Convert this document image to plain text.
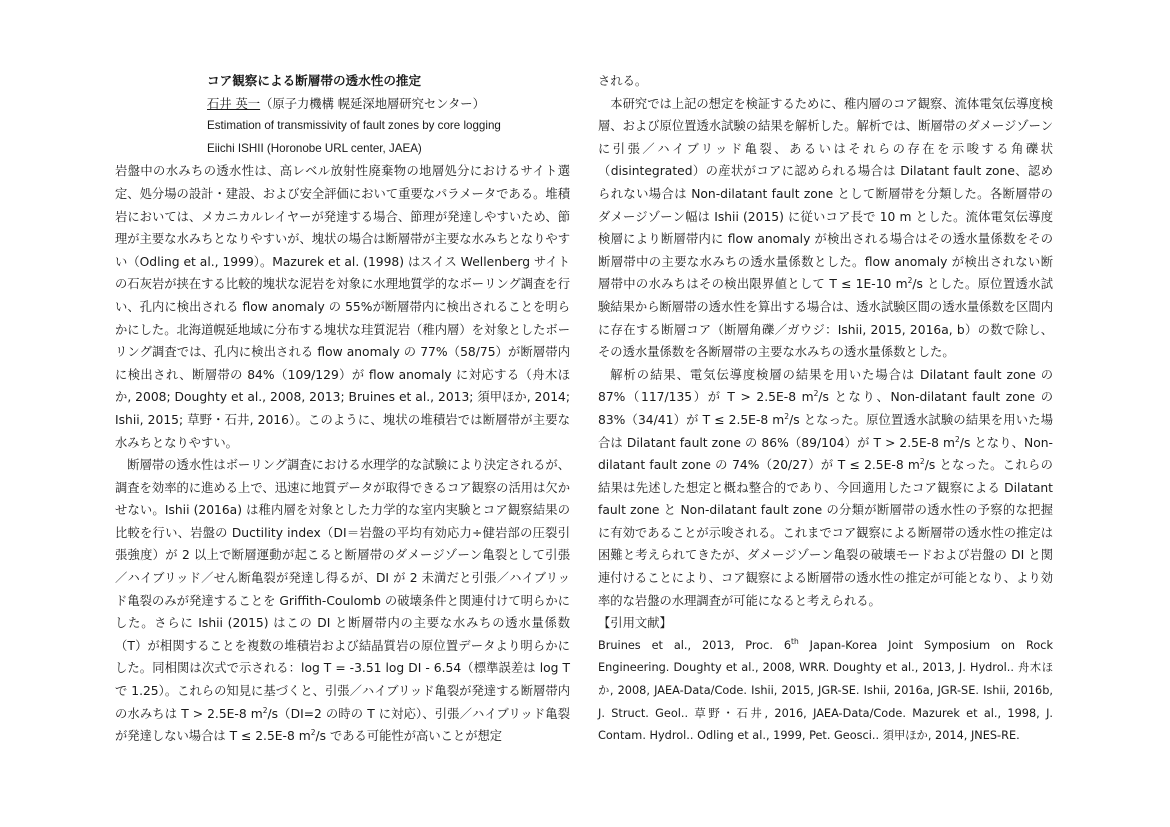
コア観察による断層帯の透水性の推定
石井 英一（原子力機構 幌延深地層研究センター）
Estimation of transmissivity of fault zones by core logging
Eiichi ISHII (Horonobe URL center, JAEA)

岩盤中の水みちの透水性は、高レベル放射性廃棄物の地層処分におけるサイト選定、処分場の設計・建設、および安全評価において重要なパラメータである。堆積岩においては、メカニカルレイヤーが発達する場合、節理が発達しやすいため、節理が主要な水みちとなりやすいが、塊状の場合は断層帯が主要な水みちとなりやすい（Odling et al., 1999）。Mazurek et al. (1998) はスイス Wellenberg サイトの石灰岩が挟在する比較的塊状な泥岩を対象に水理地質学的なボーリング調査を行い、孔内に検出される flow anomaly の 55%が断層帯内に検出されることを明らかにした。北海道幌延地域に分布する塊状な珪質泥岩（稚内層）を対象としたボーリング調査では、孔内に検出される flow anomaly の 77%（58/75）が断層帯内に検出され、断層帯の 84%（109/129）が flow anomaly に対応する（舟木ほか, 2008; Doughty et al., 2008, 2013; Bruines et al., 2013; 須甲ほか, 2014; Ishii, 2015; 草野・石井, 2016）。このように、塊状の堆積岩では断層帯が主要な水みちとなりやすい。

断層帯の透水性はボーリング調査における水理学的な試験により決定されるが、調査を効率的に進める上で、迅速に地質データが取得できるコア観察の活用は欠かせない。Ishii (2016a) は稚内層を対象とした力学的な室内実験とコア観察結果の比較を行い、岩盤の Ductility index（DI＝岩盤の平均有効応力÷健岩部の圧裂引張強度）が 2 以上で断層運動が起こると断層帯のダメージゾーン亀裂として引張／ハイブリッド／せん断亀裂が発達し得るが、DI が 2 未満だと引張／ハイブリッド亀裂のみが発達することを Griffith-Coulomb の破壊条件と関連付けて明らかにした。さらに Ishii (2015) はこの DI と断層帯内の主要な水みちの透水量係数（T）が相関することを複数の堆積岩および結晶質岩の原位置データより明らかにした。同相関は次式で示される：log T = -3.51 log DI - 6.54（標準誤差は log T で 1.25）。これらの知見に基づくと、引張／ハイブリッド亀裂が発達する断層帯内の水みちは T > 2.5E-8 $m^2/s(DI=2$ の時の T に対応）、引張／ハイブリッド亀裂が発達しない場合は T ≤ 2.5E-8 $m^2/s$ である可能性が高いことが想定

される。

本研究では上記の想定を検証するために、稚内層のコア観察、流体電気伝導度検層、および原位置透水試験の結果を解析した。解析では、断層帯のダメージゾーンに引張／ハイブリッド亀裂、あるいはそれらの存在を示唆する角礫状（disintegrated）の産状がコアに認められる場合は Dilatant fault zone、認められない場合は Non-dilatant fault zone として断層帯を分類した。各断層帯のダメージゾーン幅は Ishii (2015) に従いコア長で 10 m とした。流体電気伝導度検層により断層帯内に flow anomaly が検出される場合はその透水量係数をその断層帯中の主要な水みちの透水量係数とした。flow anomaly が検出されない断層帯中の水みちはその検出限界値として T ≤ 1E-10 $m^2/s$ とした。原位置透水試験結果から断層帯の透水性を算出する場合は、透水試験区間の透水量係数を区間内に存在する断層コア（断層角礫／ガウジ：Ishii, 2015, 2016a, b）の数で除し、その透水量係数を各断層帯の主要な水みちの透水量係数とした。

解析の結果、電気伝導度検層の結果を用いた場合は Dilatant fault zone の 87%（117/135）が T > 2.5E-8 $m^2/s$ となり、Non-dilatant fault zone の 83%（34/41）が T ≤ 2.5E-8 $m^2/s$ となった。原位置透水試験の結果を用いた場合は Dilatant fault zone の 86%（89/104）が T > 2.5E-8 $m^2/s$ となり、Non-dilatant fault zone の 74%（20/27）が T ≤ 2.5E-8 $m^2/s$ となった。これらの結果は先述した想定と概ね整合的であり、今回適用したコア観察による Dilatant fault zone と Non-dilatant fault zone の分類が断層帯の透水性の予察的な把握に有効であることが示唆される。これまでコア観察による断層帯の透水性の推定は困難と考えられてきたが、ダメージゾーン亀裂の破壊モードおよび岩盤の DI と関連付けることにより、コア観察による断層帯の透水性の推定が可能となり、より効率的な岩盤の水理調査が可能になると考えられる。

【引用文献】

Bruines et al., 2013, Proc. 6th Japan-Korea Joint Symposium on Rock Engineering. Doughty et al., 2008, WRR. Doughty et al., 2013, J. Hydrol.. 舟木ほか, 2008, JAEA-Data/Code. Ishii, 2015, JGR-SE. Ishii, 2016a, JGR-SE. Ishii, 2016b, J. Struct. Geol.. 草野・石井, 2016, JAEA-Data/Code. Mazurek et al., 1998, J. Contam. Hydrol.. Odling et al., 1999, Pet. Geosci.. 須甲ほか, 2014, JNES-RE.
